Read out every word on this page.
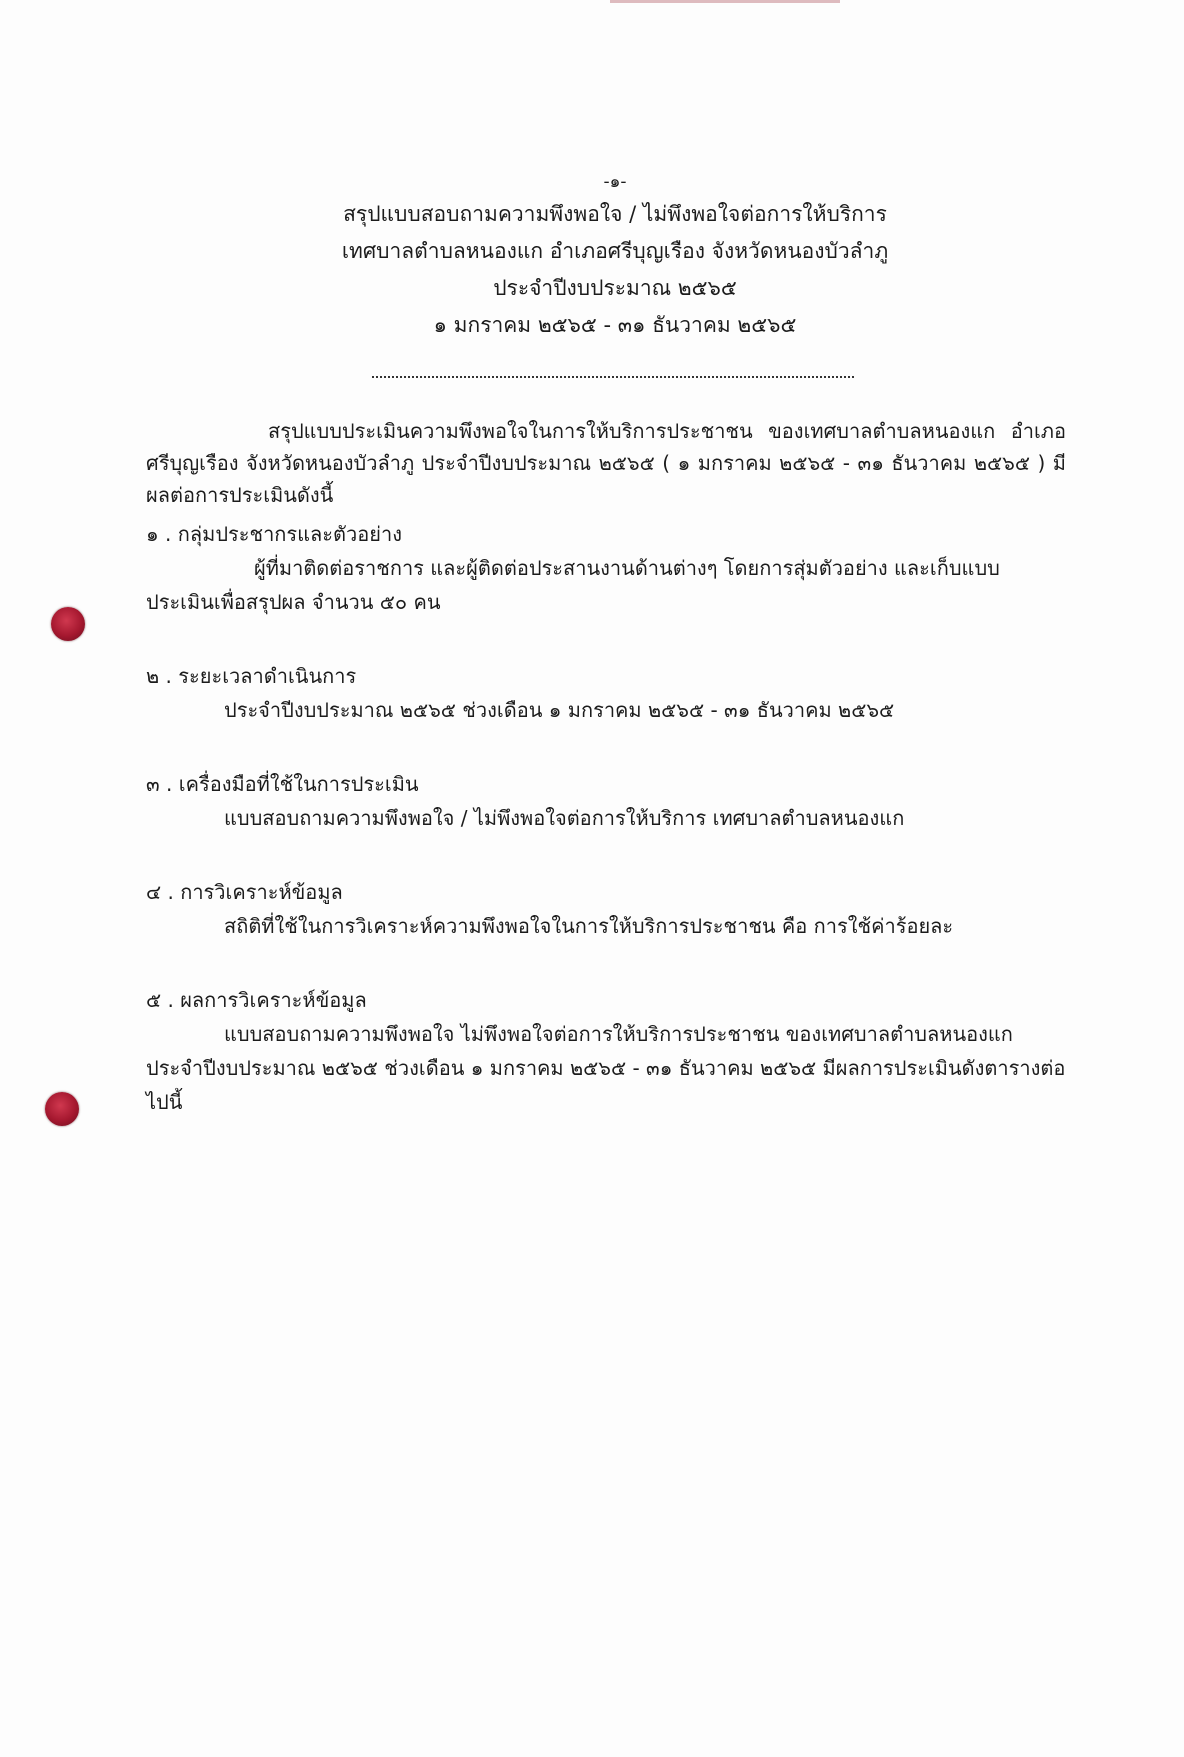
-๑-
สรุปแบบสอบถามความพึงพอใจ / ไม่พึงพอใจต่อการให้บริการ
เทศบาลตำบลหนองแก อำเภอศรีบุญเรือง จังหวัดหนองบัวลำภู
ประจำปีงบประมาณ ๒๕๖๕
๑ มกราคม ๒๕๖๕ - ๓๑ ธันวาคม ๒๕๖๕

สรุปแบบประเมินความพึงพอใจในการให้บริการประชาชน ของเทศบาลตำบลหนองแก อำเภอศรีบุญเรือง จังหวัดหนองบัวลำภู ประจำปีงบประมาณ ๒๕๖๕ ( ๑ มกราคม ๒๕๖๕ - ๓๑ ธันวาคม ๒๕๖๕ ) มีผลต่อการประเมินดังนี้

๑ . กลุ่มประชากรและตัวอย่าง

ผู้ที่มาติดต่อราชการ และผู้ติดต่อประสานงานด้านต่างๆ โดยการสุ่มตัวอย่าง และเก็บแบบประเมินเพื่อสรุปผล จำนวน ๕๐ คน

๒ . ระยะเวลาดำเนินการ

ประจำปีงบประมาณ ๒๕๖๕ ช่วงเดือน ๑ มกราคม ๒๕๖๕ - ๓๑ ธันวาคม ๒๕๖๕

๓ . เครื่องมือที่ใช้ในการประเมิน

แบบสอบถามความพึงพอใจ / ไม่พึงพอใจต่อการให้บริการ เทศบาลตำบลหนองแก

๔ . การวิเคราะห์ข้อมูล

สถิติที่ใช้ในการวิเคราะห์ความพึงพอใจในการให้บริการประชาชน คือ การใช้ค่าร้อยละ

๕ . ผลการวิเคราะห์ข้อมูล

แบบสอบถามความพึงพอใจ ไม่พึงพอใจต่อการให้บริการประชาชน ของเทศบาลตำบลหนองแก ประจำปีงบประมาณ ๒๕๖๕ ช่วงเดือน ๑ มกราคม ๒๕๖๕ - ๓๑ ธันวาคม ๒๕๖๕ มีผลการประเมินดังตารางต่อไปนี้
